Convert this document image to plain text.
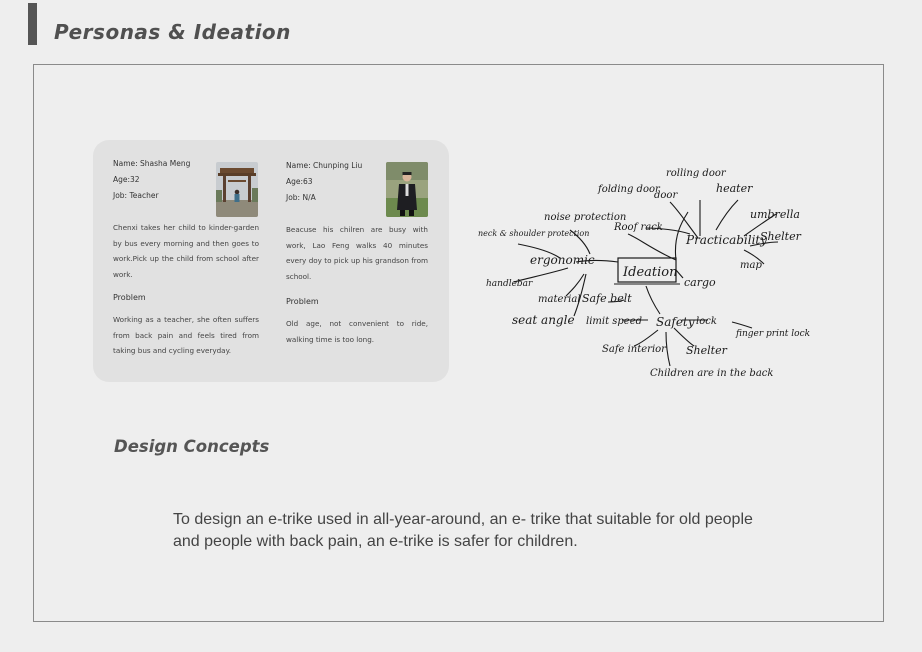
Personas & Ideation
Name: Shasha Meng
Age:32
Job: Teacher
Chenxi takes her child to kinder-garden by bus every morning and then goes to work.Pick up the child from school after work.
Problem
Working as a teacher, she often suffers from back pain and feels tired from taking bus and cycling everyday.
Name: Chunping Liu
Age:63
Job: N/A
Beacuse his chilren are busy with work, Lao Feng walks 40 minutes every doy to pick up his grandson from school.
Problem
Old age, not convenient to ride, walking time is too long.
Ideation
Practicability
Safety
ergonomic
cargo
folding door
rolling door
door
heater
umbrella
Shelter
map
Roof rack
noise protection
neck & shoulder protection
handlebar
material
seat angle
Safe belt
limit speed	lock
finger print lock
Shelter
Safe interior
Children are in the back
Design Concepts
To design an e-trike used in all-year-around, an e- trike that suitable for old people and people with back pain, an e-trike is safer for children.
